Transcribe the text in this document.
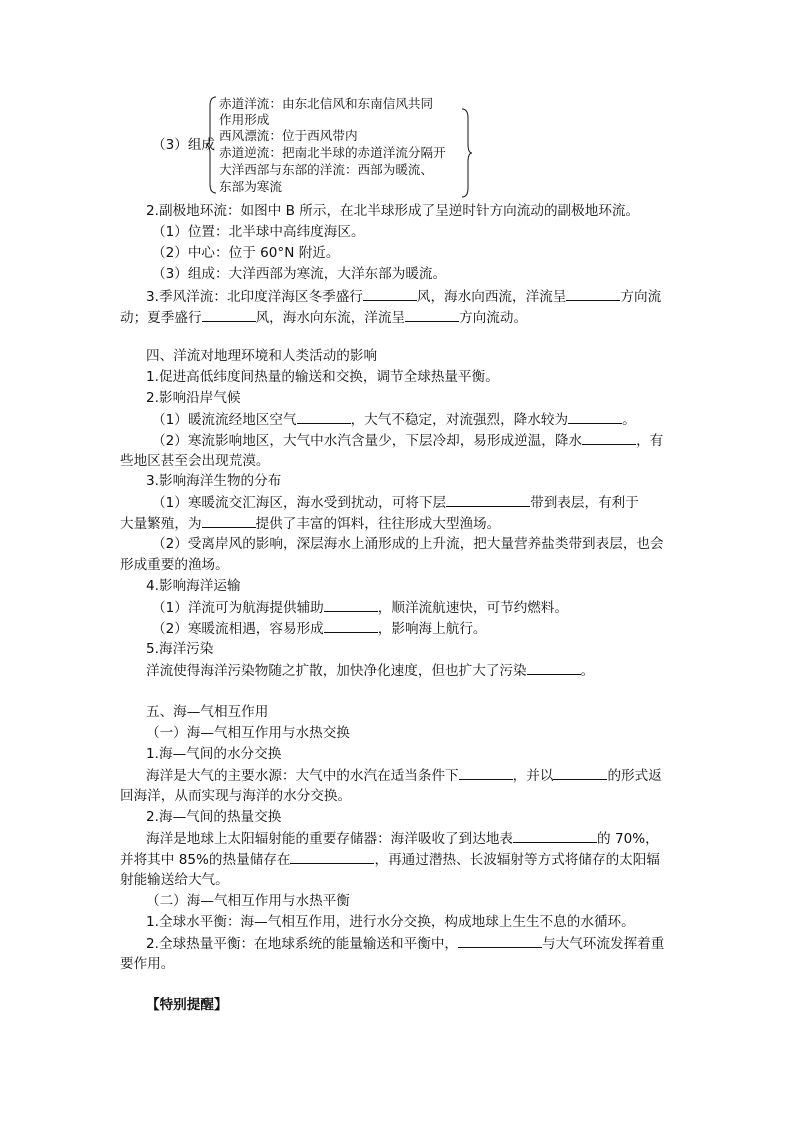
（3）组成
赤道洋流：由东北信风和东南信风共同
作用形成
西风漂流：位于西风带内
赤道逆流：把南北半球的赤道洋流分隔开
大洋西部与东部的洋流：西部为暖流、
东部为寒流
2.副极地环流：如图中 B 所示，在北半球形成了呈逆时针方向流动的副极地环流。
（1）位置：北半球中高纬度海区。
（2）中心：位于 60°N 附近。
（3）组成：大洋西部为寒流，大洋东部为暖流。
3.季风洋流：北印度洋海区冬季盛行	风，海水向西流，洋流呈	方向流
动；夏季盛行	风，海水向东流，洋流呈	方向流动。
四、洋流对地理环境和人类活动的影响
1.促进高低纬度间热量的输送和交换，调节全球热量平衡。
2.影响沿岸气候
（1）暖流流经地区空气	，大气不稳定，对流强烈，降水较为	。
（2）寒流影响地区，大气中水汽含量少，下层冷却，易形成逆温，降水	，有
些地区甚至会出现荒漠。
3.影响海洋生物的分布
（1）寒暖流交汇海区，海水受到扰动，可将下层	带到表层，有利于
大量繁殖，为	提供了丰富的饵料，往往形成大型渔场。
（2）受离岸风的影响，深层海水上涌形成的上升流，把大量营养盐类带到表层，也会
形成重要的渔场。
4.影响海洋运输
（1）洋流可为航海提供辅助	，顺洋流航速快，可节约燃料。
（2）寒暖流相遇，容易形成	，影响海上航行。
5.海洋污染
洋流使得海洋污染物随之扩散，加快净化速度，但也扩大了污染	。
五、海—气相互作用
（一）海—气相互作用与水热交换
1.海—气间的水分交换
海洋是大气的主要水源：大气中的水汽在适当条件下	，并以	的形式返
回海洋，从而实现与海洋的水分交换。
2.海—气间的热量交换
海洋是地球上太阳辐射能的重要存储器：海洋吸收了到达地表	的 70%，
并将其中 85%的热量储存在	，再通过潜热、长波辐射等方式将储存的太阳辐
射能输送给大气。
（二）海—气相互作用与水热平衡
1.全球水平衡：海—气相互作用，进行水分交换，构成地球上生生不息的水循环。
2.全球热量平衡：在地球系统的能量输送和平衡中，	与大气环流发挥着重
要作用。
【特别提醒】
